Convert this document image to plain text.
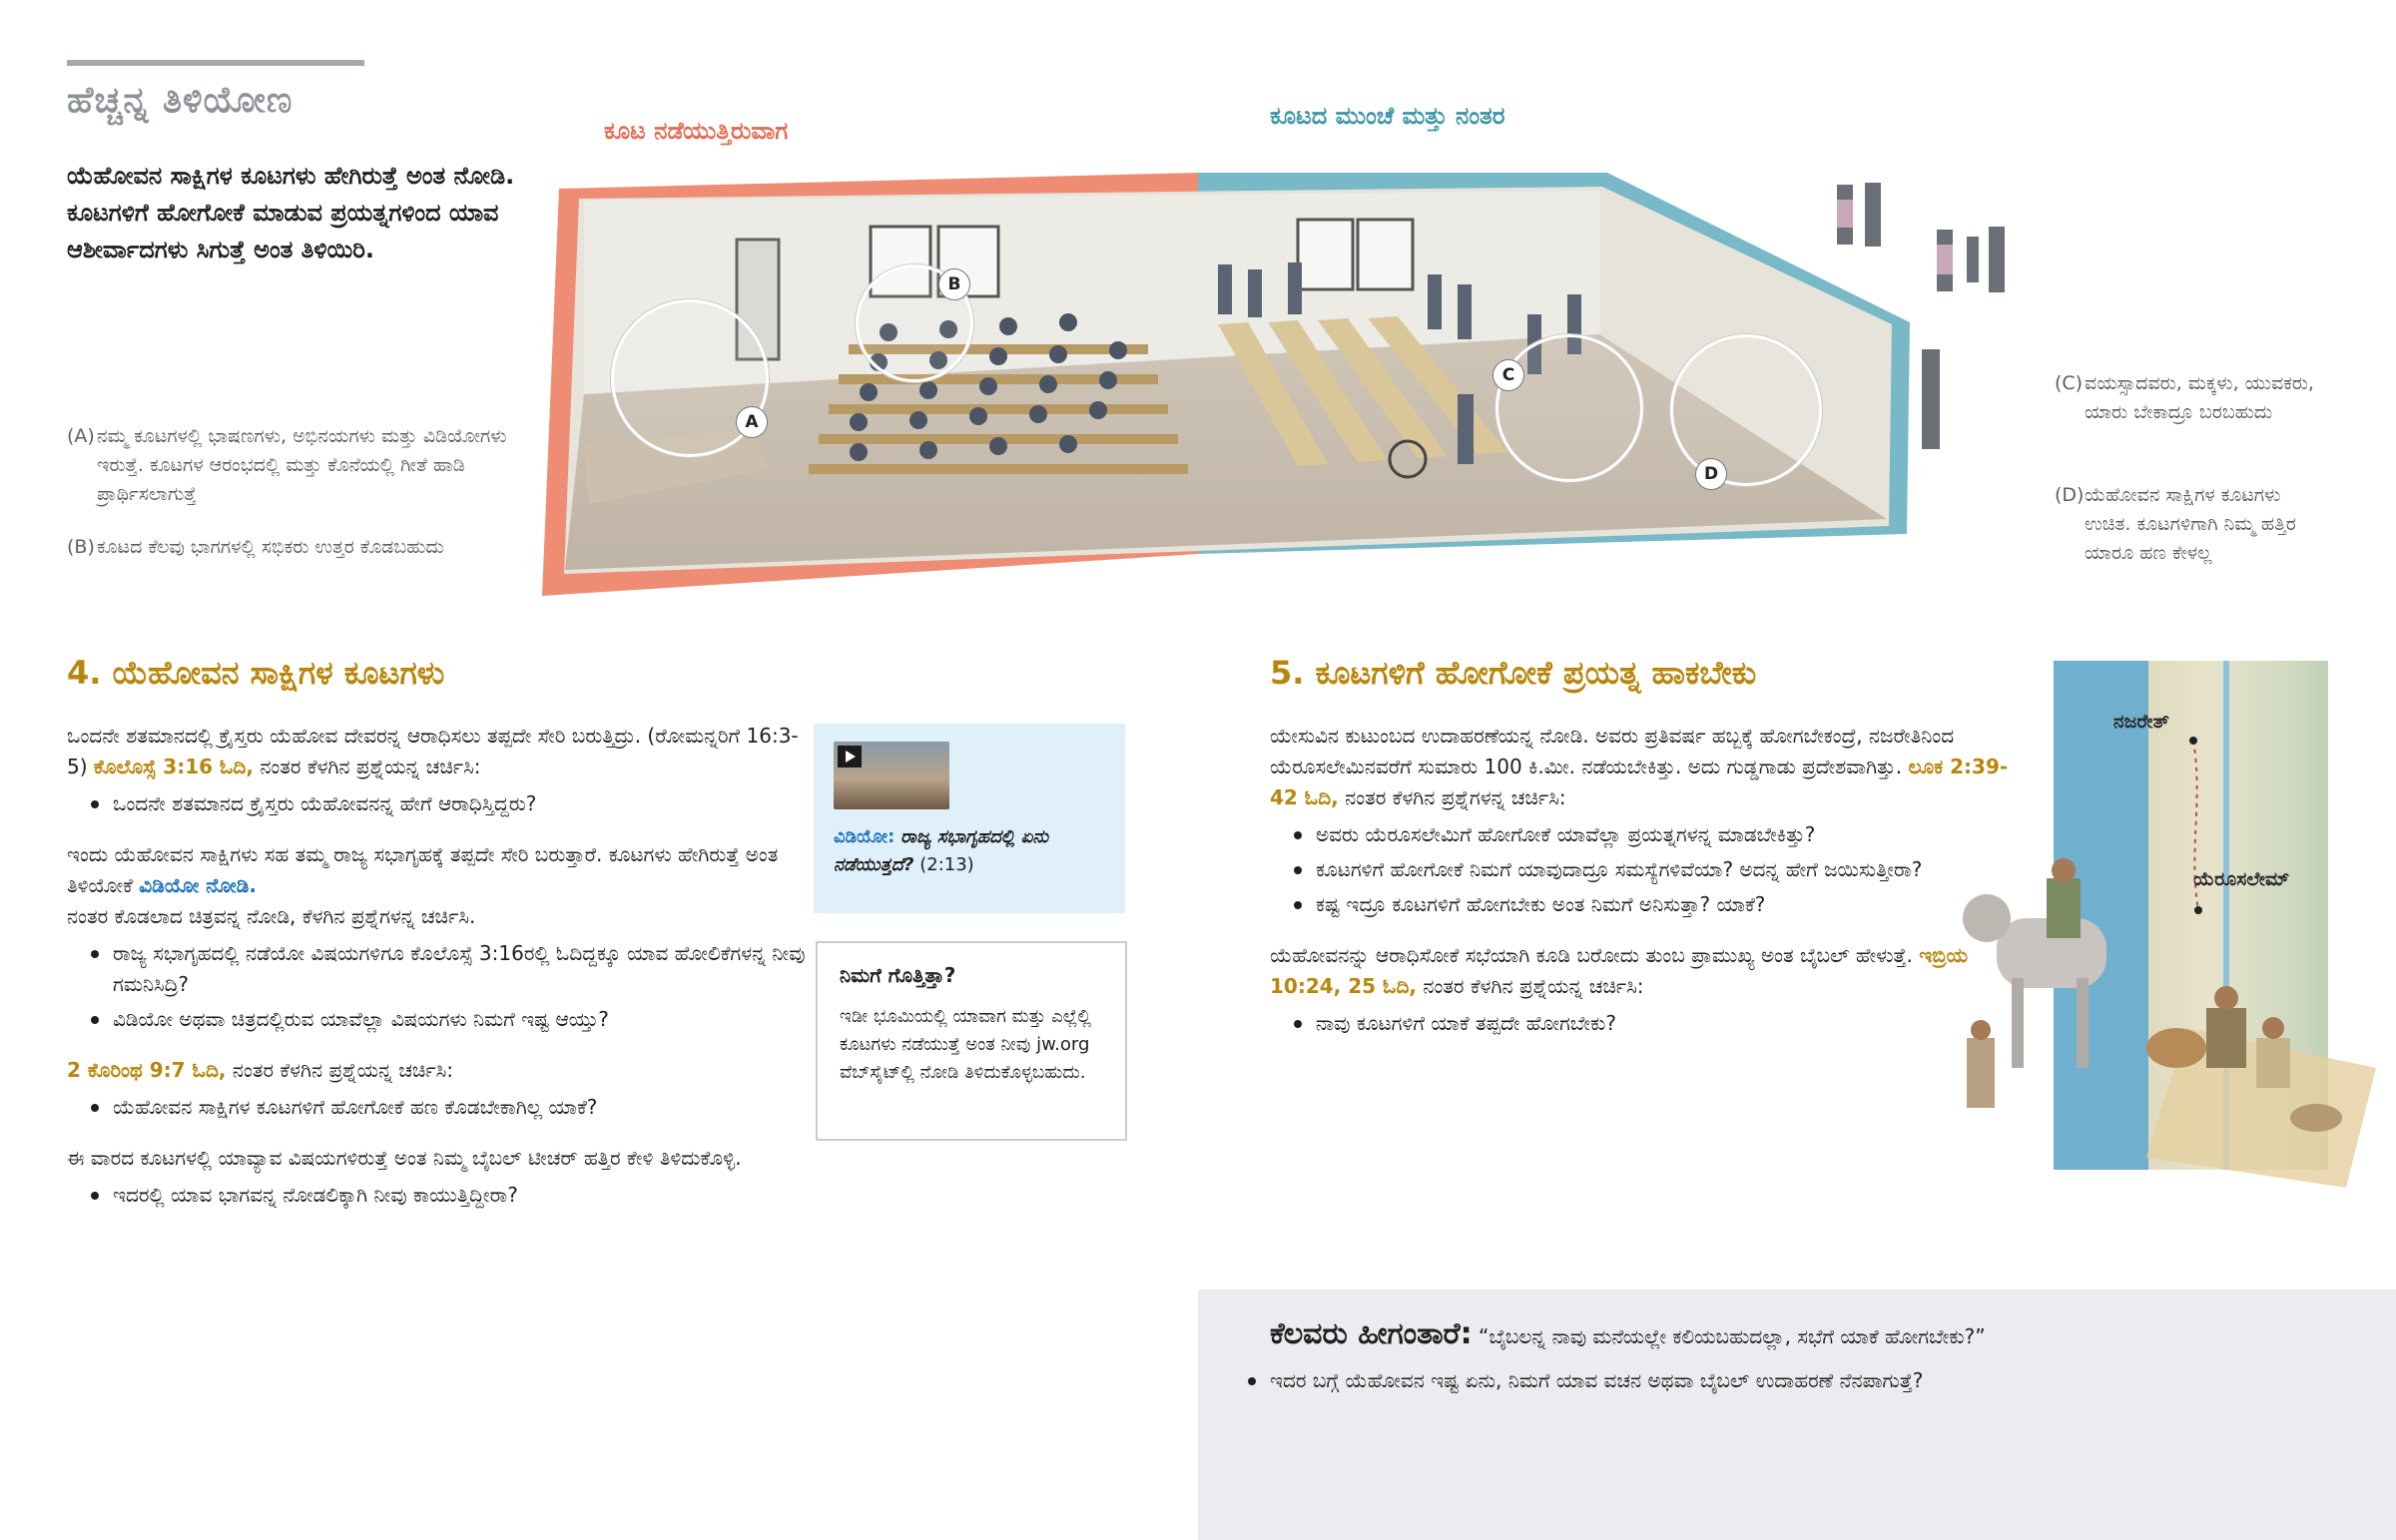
ಹೆಚ್ಚನ್ನ ತಿಳಿಯೋಣ
ಯೆಹೋವನ ಸಾಕ್ಷಿಗಳ ಕೂಟಗಳು ಹೇಗಿರುತ್ತೆ ಅಂತ ನೋಡಿ. ಕೂಟಗಳಿಗೆ ಹೋಗೋಕೆ ಮಾಡುವ ಪ್ರಯತ್ನಗಳಿಂದ ಯಾವ ಆಶೀರ್ವಾದಗಳು ಸಿಗುತ್ತೆ ಅಂತ ತಿಳಿಯಿರಿ.
ಕೂಟ ನಡೆಯುತ್ತಿರುವಾಗ
ಕೂಟದ ಮುಂಚೆ ಮತ್ತು ನಂತರ
(A) ನಮ್ಮ ಕೂಟಗಳಲ್ಲಿ ಭಾಷಣಗಳು, ಅಭಿನಯಗಳು ಮತ್ತು ವಿಡಿಯೋಗಳು ಇರುತ್ತೆ. ಕೂಟಗಳ ಆರಂಭದಲ್ಲಿ ಮತ್ತು ಕೊನೆಯಲ್ಲಿ ಗೀತೆ ಹಾಡಿ ಪ್ರಾರ್ಥಿಸಲಾಗುತ್ತೆ
(B) ಕೂಟದ ಕೆಲವು ಭಾಗಗಳಲ್ಲಿ ಸಭಿಕರು ಉತ್ತರ ಕೊಡಬಹುದು
(C) ವಯಸ್ಸಾದವರು, ಮಕ್ಕಳು, ಯುವಕರು, ಯಾರು ಬೇಕಾದ್ರೂ ಬರಬಹುದು
(D) ಯೆಹೋವನ ಸಾಕ್ಷಿಗಳ ಕೂಟಗಳು ಉಚಿತ. ಕೂಟಗಳಿಗಾಗಿ ನಿಮ್ಮ ಹತ್ತಿರ ಯಾರೂ ಹಣ ಕೇಳಲ್ಲ
A
B
C
D
4. ಯೆಹೋವನ ಸಾಕ್ಷಿಗಳ ಕೂಟಗಳು

ಒಂದನೇ ಶತಮಾನದಲ್ಲಿ ಕ್ರೈಸ್ತರು ಯೆಹೋವ ದೇವರನ್ನ ಆರಾಧಿಸಲು ತಪ್ಪದೇ ಸೇರಿ ಬರುತ್ತಿದ್ರು. (ರೋಮನ್ನರಿಗೆ 16:3-5) ಕೊಲೊಸ್ಸೆ 3:16 ಓದಿ, ನಂತರ ಕೆಳಗಿನ ಪ್ರಶ್ನೆಯನ್ನ ಚರ್ಚಿಸಿ:

ಒಂದನೇ ಶತಮಾನದ ಕ್ರೈಸ್ತರು ಯೆಹೋವನನ್ನ ಹೇಗೆ ಆರಾಧಿಸ್ತಿದ್ದರು?

ಇಂದು ಯೆಹೋವನ ಸಾಕ್ಷಿಗಳು ಸಹ ತಮ್ಮ ರಾಜ್ಯ ಸಭಾಗೃಹಕ್ಕೆ ತಪ್ಪದೇ ಸೇರಿ ಬರುತ್ತಾರೆ. ಕೂಟಗಳು ಹೇಗಿರುತ್ತೆ ಅಂತ ತಿಳಿಯೋಕೆ ವಿಡಿಯೋ ನೋಡಿ.
ನಂತರ ಕೊಡಲಾದ ಚಿತ್ರವನ್ನ ನೋಡಿ, ಕೆಳಗಿನ ಪ್ರಶ್ನೆಗಳನ್ನ ಚರ್ಚಿಸಿ.

ರಾಜ್ಯ ಸಭಾಗೃಹದಲ್ಲಿ ನಡೆಯೋ ವಿಷಯಗಳಿಗೂ ಕೊಲೊಸ್ಸೆ 3:16ರಲ್ಲಿ ಓದಿದ್ದಕ್ಕೂ ಯಾವ ಹೋಲಿಕೆಗಳನ್ನ ನೀವು ಗಮನಿಸಿದ್ರಿ?
ವಿಡಿಯೋ ಅಥವಾ ಚಿತ್ರದಲ್ಲಿರುವ ಯಾವೆಲ್ಲಾ ವಿಷಯಗಳು ನಿಮಗೆ ಇಷ್ಟ ಆಯ್ತು?

2 ಕೊರಿಂಥ 9:7 ಓದಿ, ನಂತರ ಕೆಳಗಿನ ಪ್ರಶ್ನೆಯನ್ನ ಚರ್ಚಿಸಿ:

ಯೆಹೋವನ ಸಾಕ್ಷಿಗಳ ಕೂಟಗಳಿಗೆ ಹೋಗೋಕೆ ಹಣ ಕೊಡಬೇಕಾಗಿಲ್ಲ ಯಾಕೆ?

ಈ ವಾರದ ಕೂಟಗಳಲ್ಲಿ ಯಾವ್ಯಾವ ವಿಷಯಗಳಿರುತ್ತೆ ಅಂತ ನಿಮ್ಮ ಬೈಬಲ್ ಟೀಚರ್ ಹತ್ತಿರ ಕೇಳಿ ತಿಳಿದುಕೊಳ್ಳಿ.

ಇದರಲ್ಲಿ ಯಾವ ಭಾಗವನ್ನ ನೋಡಲಿಕ್ಕಾಗಿ ನೀವು ಕಾಯುತ್ತಿದ್ದೀರಾ?
ವಿಡಿಯೋ: ರಾಜ್ಯ ಸಭಾಗೃಹದಲ್ಲಿ ಏನು ನಡೆಯುತ್ತದೆ? (2:13)
ನಿಮಗೆ ಗೊತ್ತಿತ್ತಾ?
ಇಡೀ ಭೂಮಿಯಲ್ಲಿ ಯಾವಾಗ ಮತ್ತು ಎಲ್ಲೆಲ್ಲಿ ಕೂಟಗಳು ನಡೆಯುತ್ತೆ ಅಂತ ನೀವು jw.org ವೆಬ್‌ಸೈಟ್‌ಲ್ಲಿ ನೋಡಿ ತಿಳಿದುಕೊಳ್ಳಬಹುದು.
5. ಕೂಟಗಳಿಗೆ ಹೋಗೋಕೆ ಪ್ರಯತ್ನ ಹಾಕಬೇಕು

ಯೇಸುವಿನ ಕುಟುಂಬದ ಉದಾಹರಣೆಯನ್ನ ನೋಡಿ. ಅವರು ಪ್ರತಿವರ್ಷ ಹಬ್ಬಕ್ಕೆ ಹೋಗಬೇಕಂದ್ರೆ, ನಜರೇತಿನಿಂದ ಯೆರೂಸಲೇಮಿನವರೆಗೆ ಸುಮಾರು 100 ಕಿ.ಮೀ. ನಡೆಯಬೇಕಿತ್ತು. ಅದು ಗುಡ್ಡಗಾಡು ಪ್ರದೇಶವಾಗಿತ್ತು. ಲೂಕ 2:39-42 ಓದಿ, ನಂತರ ಕೆಳಗಿನ ಪ್ರಶ್ನೆಗಳನ್ನ ಚರ್ಚಿಸಿ:

ಅವರು ಯೆರೂಸಲೇಮಿಗೆ ಹೋಗೋಕೆ ಯಾವೆಲ್ಲಾ ಪ್ರಯತ್ನಗಳನ್ನ ಮಾಡಬೇಕಿತ್ತು?
ಕೂಟಗಳಿಗೆ ಹೋಗೋಕೆ ನಿಮಗೆ ಯಾವುದಾದ್ರೂ ಸಮಸ್ಯೆಗಳಿವೆಯಾ? ಅದನ್ನ ಹೇಗೆ ಜಯಿಸುತ್ತೀರಾ?
ಕಷ್ಟ ಇದ್ರೂ ಕೂಟಗಳಿಗೆ ಹೋಗಬೇಕು ಅಂತ ನಿಮಗೆ ಅನಿಸುತ್ತಾ? ಯಾಕೆ?

ಯೆಹೋವನನ್ನು ಆರಾಧಿಸೋಕೆ ಸಭೆಯಾಗಿ ಕೂಡಿ ಬರೋದು ತುಂಬ ಪ್ರಾಮುಖ್ಯ ಅಂತ ಬೈಬಲ್ ಹೇಳುತ್ತೆ. ಇಬ್ರಿಯ 10:24, 25 ಓದಿ, ನಂತರ ಕೆಳಗಿನ ಪ್ರಶ್ನೆಯನ್ನ ಚರ್ಚಿಸಿ:

ನಾವು ಕೂಟಗಳಿಗೆ ಯಾಕೆ ತಪ್ಪದೇ ಹೋಗಬೇಕು?
ನಜರೇತ್
ಯೆರೂಸಲೇಮ್
ಕೆಲವರು ಹೀಗಂತಾರೆ: “ಬೈಬಲನ್ನ ನಾವು ಮನೆಯಲ್ಲೇ ಕಲಿಯಬಹುದಲ್ಲಾ, ಸಭೆಗೆ ಯಾಕೆ ಹೋಗಬೇಕು?”
ಇದರ ಬಗ್ಗೆ ಯೆಹೋವನ ಇಷ್ಟ ಏನು, ನಿಮಗೆ ಯಾವ ವಚನ ಅಥವಾ ಬೈಬಲ್ ಉದಾಹರಣೆ ನೆನಪಾಗುತ್ತೆ?
